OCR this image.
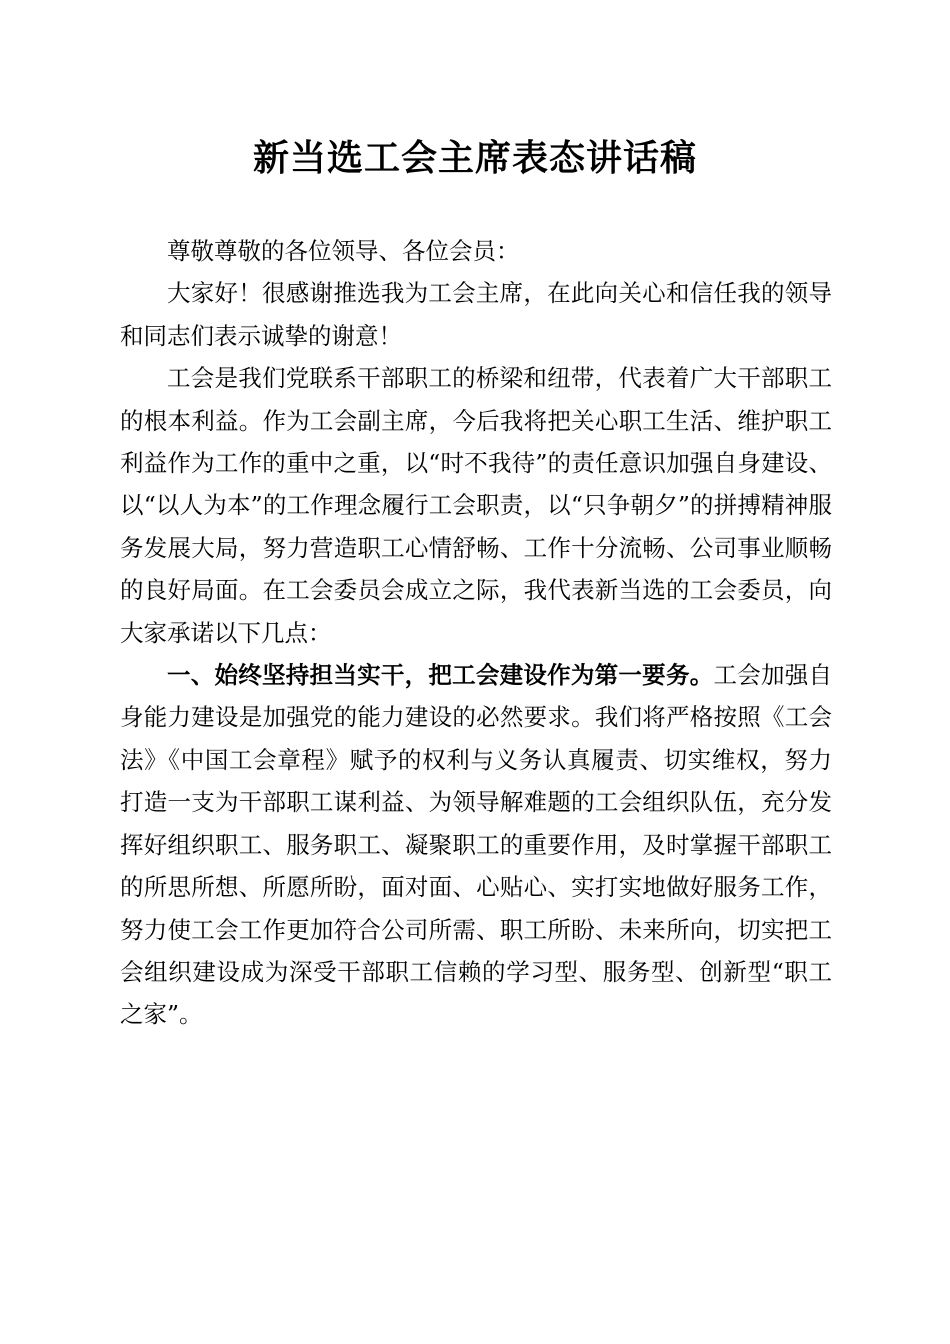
新当选工会主席表态讲话稿

尊敬尊敬的各位领导、各位会员：

大家好！很感谢推选我为工会主席，在此向关心和信任我的领导和同志们表示诚挚的谢意！

工会是我们党联系干部职工的桥梁和纽带，代表着广大干部职工的根本利益。作为工会副主席，今后我将把关心职工生活、维护职工利益作为工作的重中之重，以“时不我待”的责任意识加强自身建设、以“以人为本”的工作理念履行工会职责，以“只争朝夕”的拼搏精神服务发展大局，努力营造职工心情舒畅、工作十分流畅、公司事业顺畅的良好局面。在工会委员会成立之际，我代表新当选的工会委员，向大家承诺以下几点：

一、始终坚持担当实干，把工会建设作为第一要务。工会加强自身能力建设是加强党的能力建设的必然要求。我们将严格按照《工会法》《中国工会章程》赋予的权利与义务认真履责、切实维权，努力打造一支为干部职工谋利益、为领导解难题的工会组织队伍，充分发挥好组织职工、服务职工、凝聚职工的重要作用，及时掌握干部职工的所思所想、所愿所盼，面对面、心贴心、实打实地做好服务工作，努力使工会工作更加符合公司所需、职工所盼、未来所向，切实把工会组织建设成为深受干部职工信赖的学习型、服务型、创新型“职工之家”。
